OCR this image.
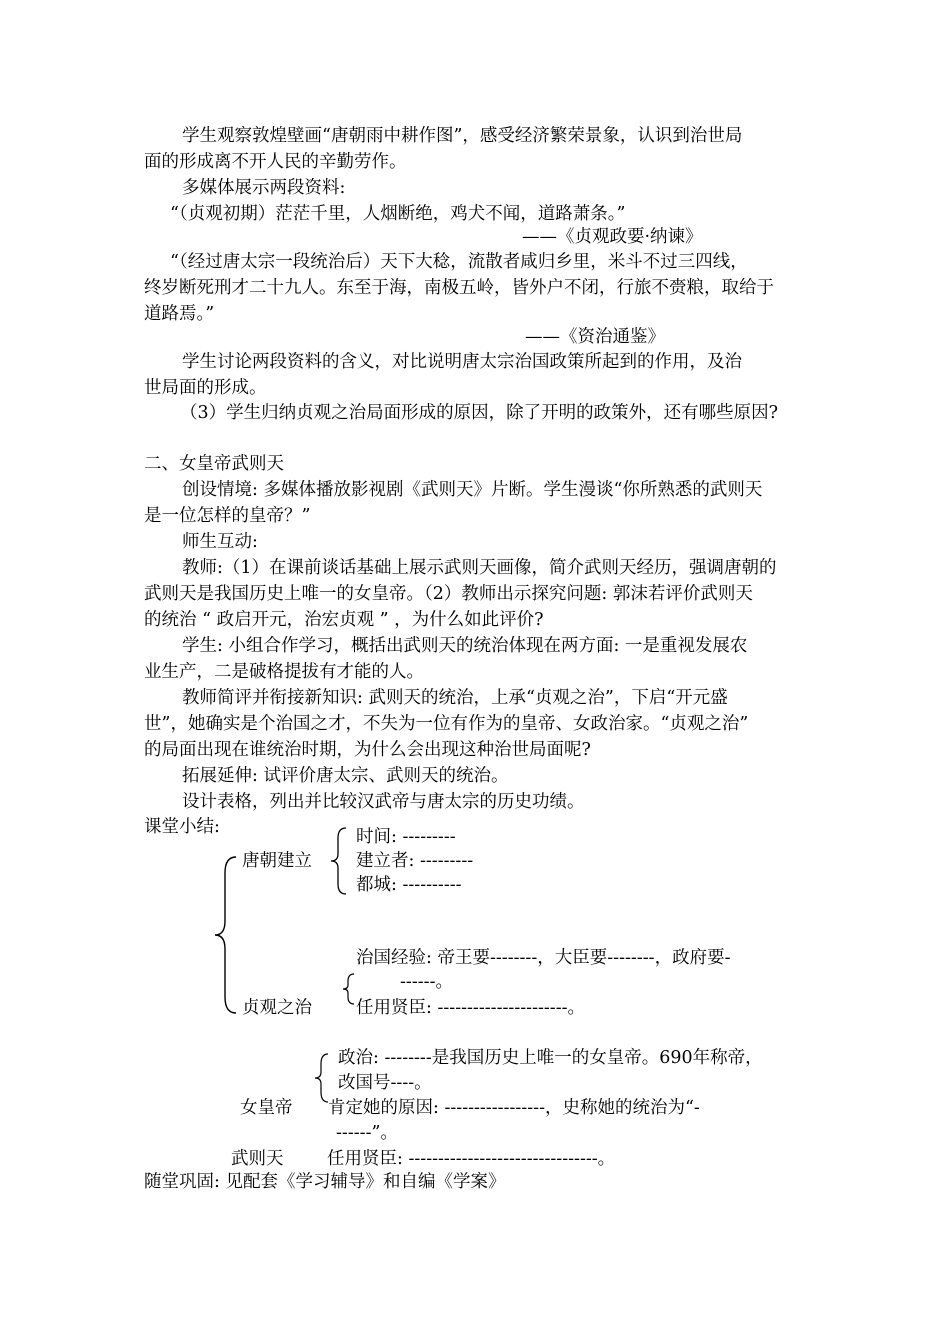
学生观察敦煌壁画“唐朝雨中耕作图”，感受经济繁荣景象，认识到治世局
面的形成离不开人民的辛勤劳作。
多媒体展示两段资料:
“（贞观初期）茫茫千里，人烟断绝，鸡犬不闻，道路萧条。”
——《贞观政要·纳谏》
“（经过唐太宗一段统治后）天下大稔，流散者咸归乡里，米斗不过三四线，
终岁断死刑才二十九人。东至于海，南极五岭，皆外户不闭，行旅不赍粮，取给于
道路焉。”
——《资治通鉴》
学生讨论两段资料的含义，对比说明唐太宗治国政策所起到的作用，及治
世局面的形成。
（3）学生归纳贞观之治局面形成的原因，除了开明的政策外，还有哪些原因?
二、女皇帝武则天
创设情境: 多媒体播放影视剧《武则天》片断。学生漫谈“你所熟悉的武则天
是一位怎样的皇帝？”
师生互动:
教师:（1）在课前谈话基础上展示武则天画像，简介武则天经历，强调唐朝的
武则天是我国历史上唯一的女皇帝。（2）教师出示探究问题: 郭沫若评价武则天
的统治 “ 政启开元，治宏贞观 ” ，为什么如此评价?
学生: 小组合作学习，概括出武则天的统治体现在两方面: 一是重视发展农
业生产，二是破格提拔有才能的人。
教师简评并衔接新知识: 武则天的统治，上承“贞观之治”，下启“开元盛
世”，她确实是个治国之才，不失为一位有作为的皇帝、女政治家。“贞观之治”
的局面出现在谁统治时期，为什么会出现这种治世局面呢?
拓展延伸: 试评价唐太宗、武则天的统治。
设计表格，列出并比较汉武帝与唐太宗的历史功绩。
课堂小结:
唐朝建立
时间: ---------
建立者: ---------
都城: ----------
治国经验: 帝王要--------，大臣要--------，政府要-
------。
贞观之治	任用贤臣: ----------------------。
政治: --------是我国历史上唯一的女皇帝。690年称帝，
改国号----。
女皇帝 肯定她的原因: -----------------，史称她的统治为“-
------”。
武则天 任用贤臣: --------------------------------。
随堂巩固: 见配套《学习辅导》和自编《学案》
